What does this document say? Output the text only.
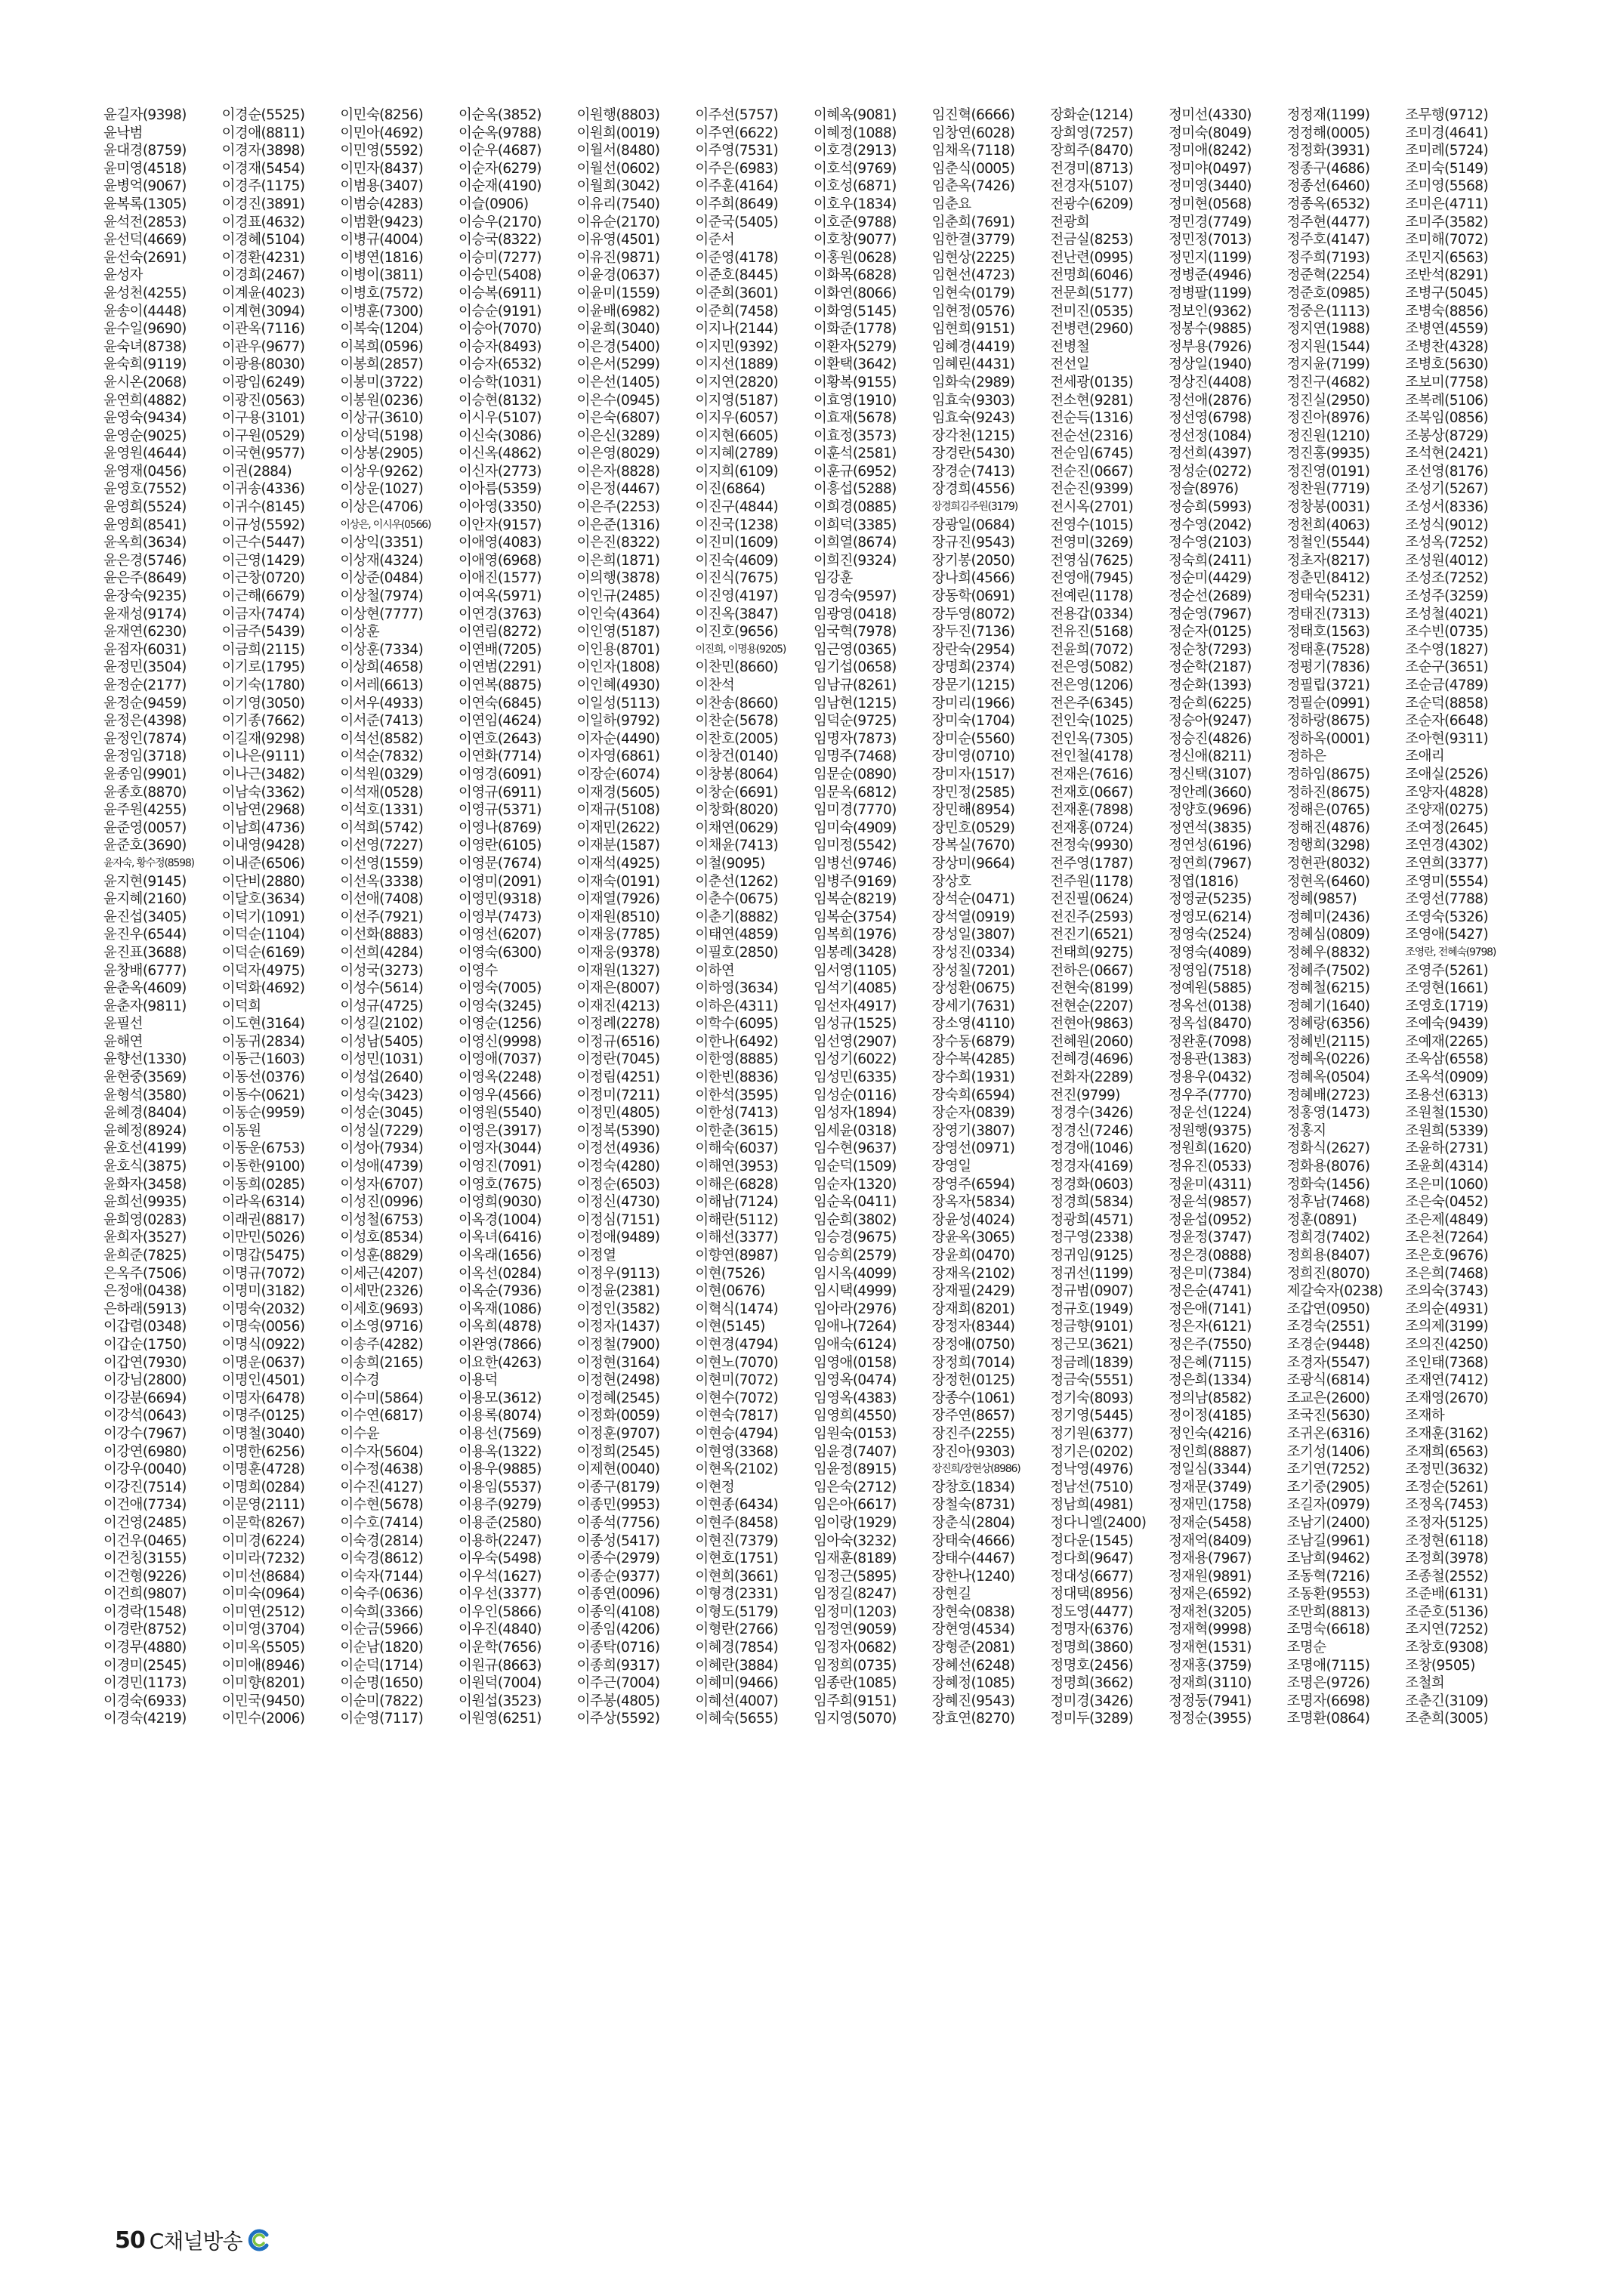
윤길자(9398)
윤낙범
윤대경(8759)
윤미영(4518)
윤병억(9067)
윤복록(1305)
윤석전(2853)
윤선덕(4669)
윤선숙(2691)
윤성자
윤성천(4255)
윤송이(4448)
윤수일(9690)
윤숙녀(8738)
윤숙희(9119)
윤시온(2068)
윤연희(4882)
윤영숙(9434)
윤영순(9025)
윤영원(4644)
윤영재(0456)
윤영호(7552)
윤영희(5524)
윤영희(8541)
윤옥희(3634)
윤은경(5746)
윤은주(8649)
윤장숙(9235)
윤재성(9174)
윤재연(6230)
윤점자(6031)
윤정민(3504)
윤정순(2177)
윤정순(9459)
윤정은(4398)
윤정인(7874)
윤정임(3718)
윤종임(9901)
윤종호(8870)
윤주원(4255)
윤준영(0057)
윤준호(3690)
윤자숙, 황수정(8598)
윤지현(9145)
윤지혜(2160)
윤진섭(3405)
윤진우(6544)
윤진표(3688)
윤창배(6777)
윤춘옥(4609)
윤춘자(9811)
윤필선
윤해연
윤향선(1330)
윤현중(3569)
윤형석(3580)
윤혜경(8404)
윤혜정(8924)
윤호선(4199)
윤호식(3875)
윤화자(3458)
윤희선(9935)
윤희영(0283)
윤희자(3527)
윤희준(7825)
은옥주(7506)
은정애(0438)
은하래(5913)
이갑렴(0348)
이갑순(1750)
이갑연(7930)
이강님(2800)
이강분(6694)
이강석(0643)
이강수(7967)
이강연(6980)
이강우(0040)
이강진(7514)
이건애(7734)
이건영(2485)
이건우(0465)
이건칭(3155)
이건형(9226)
이건희(9807)
이경락(1548)
이경란(8752)
이경무(4880)
이경미(2545)
이경민(1173)
이경숙(6933)
이경숙(4219)
이경순(5525)
이경애(8811)
이경자(3898)
이경재(5454)
이경주(1175)
이경진(3891)
이경표(4632)
이경혜(5104)
이경환(4231)
이경희(2467)
이계윤(4023)
이계현(3094)
이관옥(7116)
이관우(9677)
이광용(8030)
이광임(6249)
이광진(0563)
이구용(3101)
이구원(0529)
이국현(9577)
이권(2884)
이귀송(4336)
이귀수(8145)
이규성(5592)
이근수(5447)
이근영(1429)
이근창(0720)
이근해(6679)
이금자(7474)
이금주(5439)
이금희(2115)
이기로(1795)
이기숙(1780)
이기영(3050)
이기종(7662)
이길재(9298)
이나은(9111)
이나근(3482)
이남숙(3362)
이남연(2968)
이남희(4736)
이내영(9428)
이내준(6506)
이단비(2880)
이달호(3634)
이덕기(1091)
이덕순(1104)
이덕순(6169)
이덕자(4975)
이덕화(4692)
이덕희
이도현(3164)
이동귀(2834)
이동근(1603)
이동선(0376)
이동수(0621)
이동순(9959)
이동원
이동운(6753)
이동한(9100)
이동희(0285)
이라옥(6314)
이래권(8817)
이만민(5026)
이명갑(5475)
이명규(7072)
이명미(3182)
이명숙(2032)
이명숙(0056)
이명식(0922)
이명운(0637)
이명인(4501)
이명자(6478)
이명주(0125)
이명철(3040)
이명한(6256)
이명훈(4728)
이명희(0284)
이문영(2111)
이문학(8267)
이미경(6224)
이미라(7232)
이미선(8684)
이미숙(0964)
이미연(2512)
이미영(3704)
이미옥(5505)
이미애(8946)
이미향(8201)
이민국(9450)
이민수(2006)
이민숙(8256)
이민아(4692)
이민영(5592)
이민자(8437)
이범용(3407)
이범승(4283)
이범환(9423)
이병규(4004)
이병연(1816)
이병이(3811)
이병호(7572)
이병훈(7300)
이복숙(1204)
이복희(0596)
이봉희(2857)
이봉미(3722)
이봉원(0236)
이상규(3610)
이상덕(5198)
이상봉(2905)
이상우(9262)
이상운(1027)
이상은(4706)
이상은, 이시우(0566)
이상익(3351)
이상재(4324)
이상준(0484)
이상철(7974)
이상현(7777)
이상훈
이상훈(7334)
이상희(4658)
이서레(6613)
이서우(4933)
이서준(7413)
이석선(8582)
이석순(7832)
이석원(0329)
이석재(0528)
이석호(1331)
이석희(5742)
이선영(7227)
이선영(1559)
이선옥(3338)
이선애(7408)
이선주(7921)
이선화(8883)
이선희(4284)
이성국(3273)
이성수(5614)
이성규(4725)
이성길(2102)
이성남(5405)
이성민(1031)
이성섭(2640)
이성숙(3423)
이성순(3045)
이성실(7229)
이성아(7934)
이성애(4739)
이성자(6707)
이성진(0996)
이성철(6753)
이성호(8534)
이성훈(8829)
이세근(4207)
이세만(2326)
이세호(9693)
이소영(9716)
이송주(4282)
이송희(2165)
이수경
이수미(5864)
이수연(6817)
이수윤
이수자(5604)
이수정(4638)
이수진(4127)
이수현(5678)
이수호(7414)
이숙경(2814)
이숙경(8612)
이숙자(7144)
이숙주(0636)
이숙희(3366)
이순금(5966)
이순남(1820)
이순덕(1714)
이순명(1650)
이순미(7822)
이순영(7117)
이순옥(3852)
이순옥(9788)
이순우(4687)
이순자(6279)
이순재(4190)
이슬(0906)
이승우(2170)
이승국(8322)
이승미(7277)
이승민(5408)
이승복(6911)
이승순(9191)
이승아(7070)
이승자(8493)
이승자(6532)
이승학(1031)
이승현(8132)
이시우(5107)
이신숙(3086)
이신옥(4862)
이신자(2773)
이아름(5359)
이아영(3350)
이안자(9157)
이애영(4083)
이애영(6968)
이애진(1577)
이여옥(5971)
이연경(3763)
이연림(8272)
이연배(7205)
이연범(2291)
이연복(8875)
이연숙(6845)
이연임(4624)
이연호(2643)
이연화(7714)
이영경(6091)
이영규(6911)
이영규(5371)
이영나(8769)
이영란(6105)
이영문(7674)
이영미(2091)
이영민(9318)
이영부(7473)
이영선(6207)
이영숙(6300)
이영수
이영숙(7005)
이영숙(3245)
이영순(1256)
이영신(9998)
이영애(7037)
이영옥(2248)
이영우(4566)
이영원(5540)
이영은(3917)
이영자(3044)
이영진(7091)
이영호(7675)
이영희(9030)
이옥경(1004)
이옥녀(6416)
이옥래(1656)
이옥선(0284)
이옥순(7936)
이옥재(1086)
이옥희(4878)
이완영(7866)
이요한(4263)
이용덕
이용모(3612)
이용록(8074)
이용선(7569)
이용옥(1322)
이용우(9885)
이용임(5537)
이용주(9279)
이용준(2580)
이용하(2247)
이우숙(5498)
이우석(1627)
이우선(3377)
이우인(5866)
이우진(4840)
이운학(7656)
이원규(8663)
이원덕(7004)
이원섭(3523)
이원영(6251)
이원행(8803)
이원희(0019)
이월서(8480)
이월선(0602)
이월희(3042)
이유리(7540)
이유순(2170)
이유영(4501)
이유진(9871)
이윤경(0637)
이윤미(1559)
이윤배(6982)
이윤희(3040)
이은경(5400)
이은서(5299)
이은선(1405)
이은수(0945)
이은숙(6807)
이은신(3289)
이은영(8029)
이은자(8828)
이은정(4467)
이은주(2253)
이은준(1316)
이은진(8322)
이은희(1871)
이의행(3878)
이인규(2485)
이인숙(4364)
이인영(5187)
이인용(8701)
이인자(1808)
이인혜(4930)
이일성(5113)
이일하(9792)
이자순(4490)
이자영(6861)
이장순(6074)
이재경(5605)
이재규(5108)
이재민(2622)
이재분(1587)
이재석(4925)
이재숙(0191)
이재열(7926)
이재원(8510)
이재웅(7785)
이재웅(9378)
이재원(1327)
이재은(8007)
이재진(4213)
이정례(2278)
이정규(6516)
이정란(7045)
이정림(4251)
이정미(7211)
이정민(4805)
이정복(5390)
이정선(4936)
이정숙(4280)
이정순(6503)
이정신(4730)
이정심(7151)
이정애(9489)
이정열
이정우(9113)
이정윤(2381)
이정인(3582)
이정자(1437)
이정철(7900)
이정현(3164)
이정현(2498)
이정혜(2545)
이정화(0059)
이정훈(9707)
이정희(2545)
이제현(0040)
이종구(8179)
이종민(9953)
이종석(7756)
이종성(5417)
이종수(2979)
이종순(9377)
이종연(0096)
이종익(4108)
이종임(4206)
이종탁(0716)
이종희(9317)
이주근(7004)
이주봉(4805)
이주상(5592)
이주선(5757)
이주연(6622)
이주영(7531)
이주은(6983)
이주훈(4164)
이주희(8649)
이준국(5405)
이준서
이준영(4178)
이준호(8445)
이준희(3601)
이준희(7458)
이지나(2144)
이지민(9392)
이지선(1889)
이지연(2820)
이지영(5187)
이지우(6057)
이지현(6605)
이지혜(2789)
이지희(6109)
이진(6864)
이진구(4844)
이진국(1238)
이진미(1609)
이진숙(4609)
이진식(7675)
이진영(4197)
이진옥(3847)
이진호(9656)
이진희, 이명용(9205)
이찬민(8660)
이찬석
이찬송(8660)
이찬순(5678)
이찬호(2005)
이창건(0140)
이창봉(8064)
이창순(6691)
이창화(8020)
이채연(0629)
이채윤(7413)
이철(9095)
이춘선(1262)
이춘수(0675)
이춘기(8882)
이태연(4859)
이필호(2850)
이하연
이하영(3634)
이하은(4311)
이학수(6095)
이한나(6492)
이한영(8885)
이한빈(8836)
이한석(3595)
이한성(7413)
이한춘(3615)
이해숙(6037)
이해연(3953)
이해은(6828)
이해남(7124)
이해란(5112)
이해선(3377)
이향연(8987)
이현(7526)
이현(0676)
이혁식(1474)
이현(5145)
이현경(4794)
이현노(7070)
이현미(7072)
이현수(7072)
이현숙(7817)
이현승(4794)
이현영(3368)
이현옥(2102)
이현정
이현종(6434)
이현주(8458)
이현진(7379)
이현호(1751)
이현희(3661)
이형경(2331)
이형도(5179)
이형란(2766)
이혜경(7854)
이혜란(3884)
이혜미(9466)
이혜선(4007)
이혜숙(5655)
이혜옥(9081)
이혜정(1088)
이호경(2913)
이호석(9769)
이호성(6871)
이호우(1834)
이호준(9788)
이호창(9077)
이홍원(0628)
이화목(6828)
이화연(8066)
이화영(5145)
이화준(1778)
이환자(5279)
이환택(3642)
이황복(9155)
이효영(1910)
이효재(5678)
이효정(3573)
이훈석(2581)
이훈규(6952)
이흥섭(5288)
이희경(0885)
이희덕(3385)
이희열(8674)
이희진(9324)
임강훈
임경숙(9597)
임광영(0418)
임국혁(7978)
임근영(0365)
임기섭(0658)
임남규(8261)
임남현(1215)
임덕순(9725)
임명자(7873)
임명주(7468)
임문순(0890)
임문옥(6812)
임미경(7770)
임미숙(4909)
임미정(5542)
임병선(9746)
임병주(9169)
임복순(8219)
임복순(3754)
임복희(1976)
임봉례(3428)
임서영(1105)
임석기(4085)
임선자(4917)
임성규(1525)
임선영(2907)
임성기(6022)
임성민(6335)
임성순(0116)
임성자(1894)
임세윤(0318)
임수현(9637)
임순덕(1509)
임순자(1320)
임순옥(0411)
임순희(3802)
임승경(9675)
임승희(2579)
임시옥(4099)
임시택(4999)
임아라(2976)
임애나(7264)
임애숙(6124)
임영애(0158)
임영옥(0474)
임영옥(4383)
임영희(4550)
임원숙(0153)
임윤경(7407)
임윤정(8915)
임은숙(2712)
임은아(6617)
임이랑(1929)
임아숙(3232)
임재훈(8189)
임정근(5895)
임정길(8247)
임정미(1203)
임정연(9059)
임정자(0682)
임정희(0735)
임종란(1085)
임주희(9151)
임지영(5070)
임진혁(6666)
임창연(6028)
임채옥(7118)
임춘식(0005)
임춘옥(7426)
임춘요
임춘희(7691)
임한결(3779)
임현상(2225)
임현선(4723)
임현숙(0179)
임현정(0576)
임현희(9151)
임혜경(4419)
임혜린(4431)
임화숙(2989)
임효숙(9303)
임효숙(9243)
장각천(1215)
장경란(5430)
장경순(7413)
장경희(4556)
장경희김주원(3179)
장광일(0684)
장규진(9543)
장기봉(2050)
장나희(4566)
장동학(0691)
장두영(8072)
장두진(7136)
장란숙(2954)
장명희(2374)
장문기(1215)
장미리(1966)
장미숙(1704)
장미순(5560)
장미영(0710)
장미자(1517)
장민정(2585)
장민해(8954)
장민호(0529)
장복실(7670)
장상미(9664)
장상호
장석순(0471)
장석열(0919)
장성일(3807)
장성진(0334)
장성칠(7201)
장성환(0675)
장세기(7631)
장소영(4110)
장수동(6879)
장수복(4285)
장수희(1931)
장숙희(6594)
장순자(0839)
장영기(3807)
장영선(0971)
장영일
장영주(6594)
장옥자(5834)
장윤성(4024)
장윤옥(3065)
장윤희(0470)
장재옥(2102)
장재필(2429)
장재희(8201)
장정자(8344)
장정애(0750)
장정희(7014)
장정헌(0125)
장종수(1061)
장주연(8657)
장진주(2255)
장진아(9303)
장진희/장현상(8986)
장창호(1834)
장철숙(8731)
장춘식(2804)
장태숙(4666)
장태수(4467)
장한나(1240)
장현길
장현숙(0838)
장현영(4534)
장형준(2081)
장혜선(6248)
장혜정(1085)
장혜진(9543)
장효연(8270)
장화순(1214)
장희영(7257)
장희주(8470)
전경미(8713)
전경자(5107)
전광수(6209)
전광희
전금실(8253)
전난련(0995)
전명희(6046)
전문희(5177)
전미진(0535)
전병련(2960)
전병철
전선일
전세광(0135)
전소현(9281)
전순득(1316)
전순선(2316)
전순임(6745)
전순진(0667)
전순진(9399)
전시옥(2701)
전영수(1015)
전영미(3269)
전영심(7625)
전영애(7945)
전예린(1178)
전용갑(0334)
전유진(5168)
전윤희(7072)
전은영(5082)
전은영(1206)
전은주(6345)
전인숙(1025)
전인옥(7305)
전인철(4178)
전재은(7616)
전재호(0667)
전재훈(7898)
전재홍(0724)
전정숙(9930)
전주영(1787)
전주원(1178)
전진필(0624)
전진주(2593)
전진기(6521)
전태희(9275)
전하은(0667)
전현숙(8199)
전현순(2207)
전현아(9863)
전혜원(2060)
전혜경(4696)
전화자(2289)
전진(9799)
정경수(3426)
정경신(7246)
정경애(1046)
정경자(4169)
정경화(0603)
정경희(5834)
정광희(4571)
정구영(2338)
정귀임(9125)
정귀선(1199)
정규범(0907)
정규호(1949)
정금향(9101)
정근모(3621)
정금례(1839)
정금숙(5551)
정기숙(8093)
정기영(5445)
정기원(6377)
정기은(0202)
정낙영(4976)
정남선(7510)
정남희(4981)
정다니엘(2400)
정다운(1545)
정다희(9647)
정대성(6677)
정대택(8956)
정도영(4477)
정명자(6376)
정명희(3860)
정명호(2456)
정명희(3662)
정미경(3426)
정미두(3289)
정미선(4330)
정미숙(8049)
정미애(8242)
정미야(0497)
정미영(3440)
정미현(0568)
정민경(7749)
정민정(7013)
정민지(1199)
정병준(4946)
정병팔(1199)
정보인(9362)
정봉수(9885)
정부용(7926)
정상일(1940)
정상진(4408)
정선애(2876)
정선영(6798)
정선정(1084)
정선희(4397)
정성순(0272)
정슬(8976)
정승희(5993)
정수영(2042)
정수영(2103)
정숙희(2411)
정순미(4429)
정순선(2689)
정순영(7967)
정순자(0125)
정순창(7293)
정순학(2187)
정순화(1393)
정순희(6225)
정승아(9247)
정승진(4826)
정신애(8211)
정신택(3107)
정안례(3660)
정양호(9696)
정연석(3835)
정연성(6196)
정연희(7967)
정엽(1816)
정영균(5235)
정영모(6214)
정영숙(2524)
정영숙(4089)
정영임(7518)
정예원(5885)
정옥선(0138)
정옥섭(8470)
정완훈(7098)
정용관(1383)
정용우(0432)
정우주(7770)
정운선(1224)
정원행(9375)
정원희(1620)
정유진(0533)
정윤미(4311)
정윤석(9857)
정윤섭(0952)
정윤정(3747)
정은경(0888)
정은미(7384)
정은순(4741)
정은애(7141)
정은자(6121)
정은주(7550)
정은혜(7115)
정은희(1334)
정의남(8582)
정이정(4185)
정인숙(4216)
정인희(8887)
정일심(3344)
정재문(3749)
정재민(1758)
정재순(5458)
정재억(8409)
정재용(7967)
정재원(9891)
정재은(6592)
정재천(3205)
정재혁(9998)
정재현(1531)
정재홍(3759)
정재희(3110)
정정둥(7941)
정정순(3955)
정정재(1199)
정정해(0005)
정정화(3931)
정종구(4686)
정종선(6460)
정종옥(6532)
정주현(4477)
정주호(4147)
정주희(7193)
정준혁(2254)
정준호(0985)
정중은(1113)
정지연(1988)
정지원(1544)
정지윤(7199)
정진구(4682)
정진실(2950)
정진아(8976)
정진원(1210)
정진홍(9935)
정진영(0191)
정찬원(7719)
정창봉(0031)
정천희(4063)
정철인(5544)
정초자(8217)
정춘민(8412)
정태숙(5231)
정태진(7313)
정태호(1563)
정태훈(7528)
정평기(7836)
정필립(3721)
정필순(0991)
정하랑(8675)
정하옥(0001)
정하은
정하임(8675)
정하진(8675)
정해은(0765)
정해진(4876)
정행희(3298)
정현관(8032)
정현옥(6460)
정혜(9857)
정혜미(2436)
정혜심(0809)
정혜우(8832)
정혜주(7502)
정혜철(6215)
정혜기(1640)
정혜랑(6356)
정혜빈(2115)
정혜옥(0226)
정혜옥(0504)
정혜배(2723)
정홍영(1473)
정홍지
정화식(2627)
정화용(8076)
정화숙(1456)
정후남(7468)
정훈(0891)
정희경(7402)
정희용(8407)
정희진(8070)
제갈숙자(0238)
조갑연(0950)
조경숙(2551)
조경순(9448)
조경자(5547)
조광식(6814)
조교은(2600)
조국진(5630)
조귀온(6316)
조기성(1406)
조기연(7252)
조기중(2905)
조길자(0979)
조남기(2400)
조남길(9961)
조남희(9462)
조동혁(7216)
조동환(9553)
조만희(8813)
조명숙(6618)
조명순
조명애(7115)
조명은(9726)
조명자(6698)
조명환(0864)
조무행(9712)
조미경(4641)
조미례(5724)
조미숙(5149)
조미영(5568)
조미은(4711)
조미주(3582)
조미해(7072)
조민지(6563)
조반석(8291)
조병구(5045)
조병숙(8856)
조병연(4559)
조병찬(4328)
조병호(5630)
조보미(7758)
조복례(5106)
조복임(0856)
조봉상(8729)
조석현(2421)
조선영(8176)
조성기(5267)
조성서(8336)
조성식(9012)
조성옥(7252)
조성원(4012)
조성조(7252)
조성주(3259)
조성철(4021)
조수빈(0735)
조수영(1827)
조순구(3651)
조순금(4789)
조순덕(8858)
조순자(6648)
조아현(9311)
조애리
조애실(2526)
조양자(4828)
조양재(0275)
조여정(2645)
조연경(4302)
조연희(3377)
조영미(5554)
조영선(7788)
조영숙(5326)
조영애(5427)
조영란, 전혜숙(9798)
조영주(5261)
조영현(1661)
조영호(1719)
조예숙(9439)
조예재(2265)
조옥삼(6558)
조옥석(0909)
조용선(6313)
조원철(1530)
조원희(5339)
조윤하(2731)
조윤희(4314)
조은미(1060)
조은숙(0452)
조은제(4849)
조은천(7264)
조은호(9676)
조은희(7468)
조의숙(3743)
조의순(4931)
조의제(3199)
조의진(4250)
조인태(7368)
조재연(7412)
조재영(2670)
조재하
조재훈(3162)
조재희(6563)
조정민(3632)
조정순(5261)
조정옥(7453)
조정자(5125)
조정현(6118)
조정희(3978)
조종철(2552)
조준배(6131)
조준호(5136)
조지연(7252)
조창호(9308)
조창(9505)
조철희
조춘긴(3109)
조춘희(3005)
50 C채널방송
